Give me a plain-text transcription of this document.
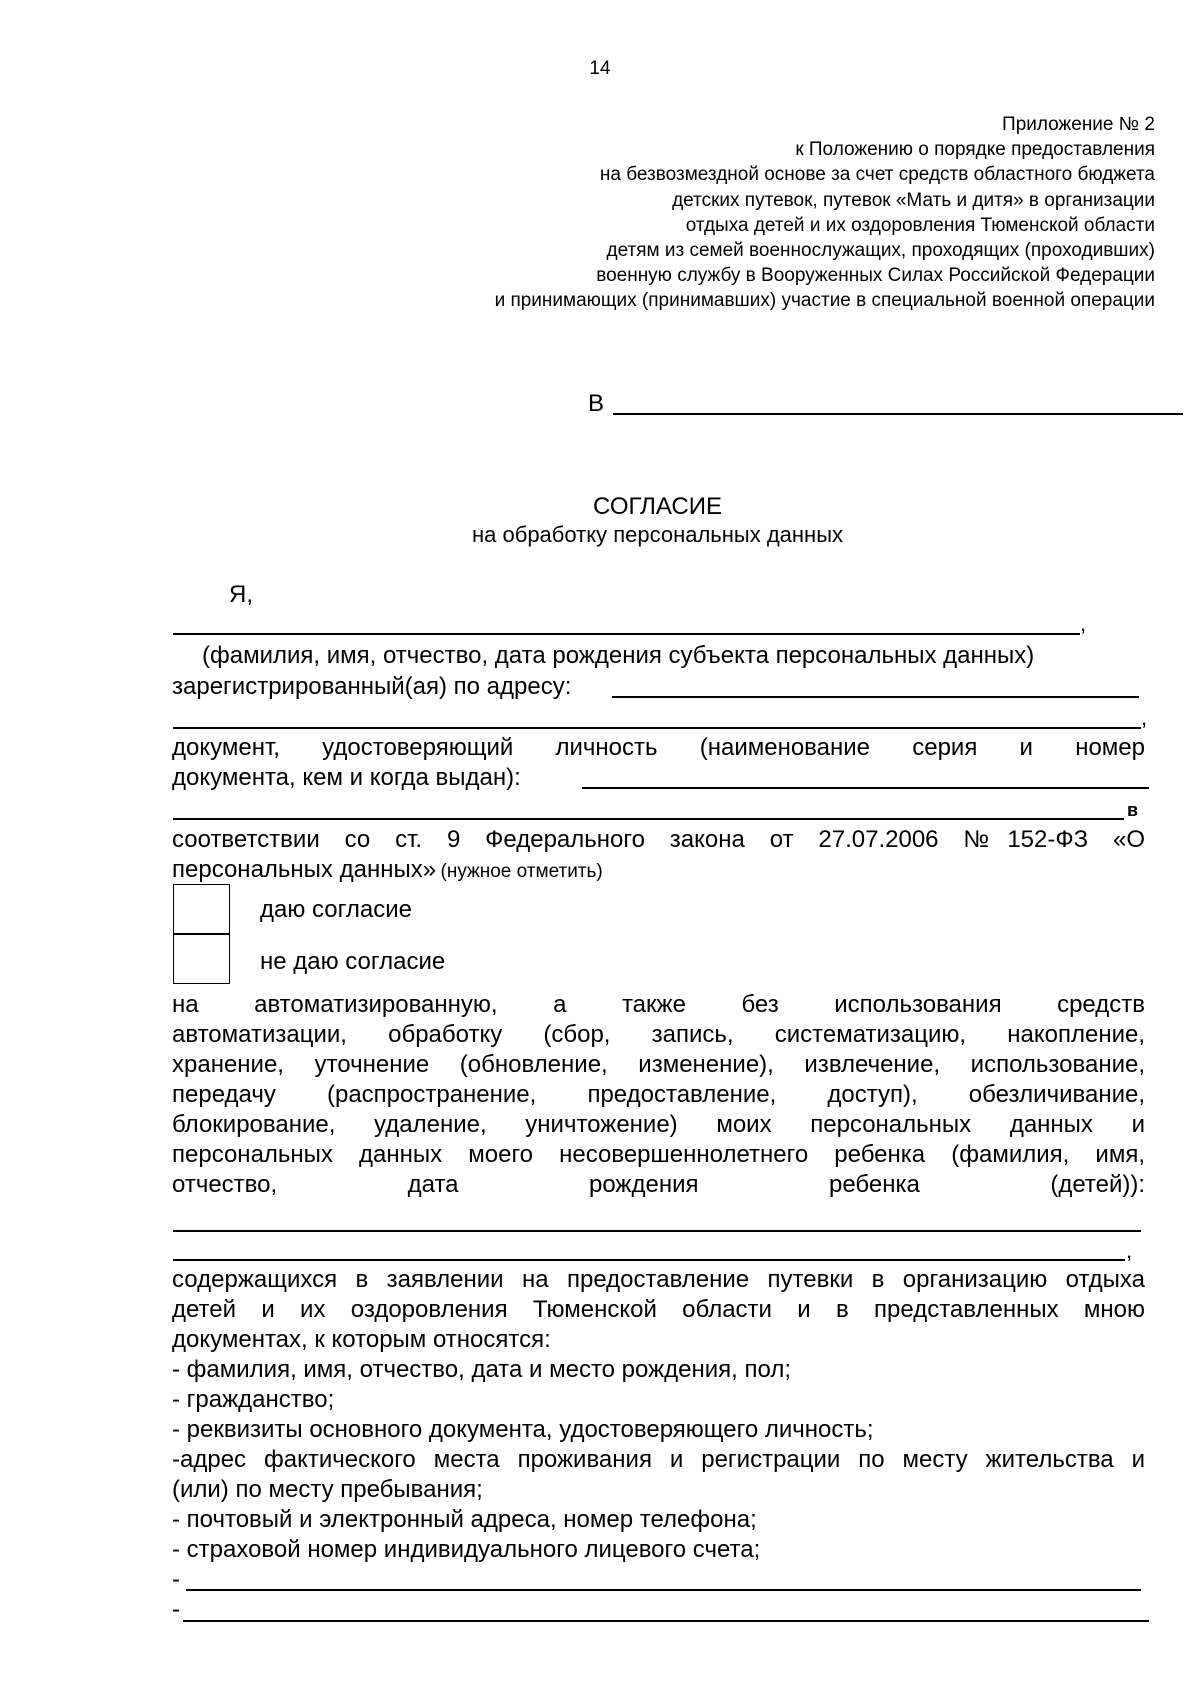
14
Приложение № 2
к Положению о порядке предоставления
на безвозмездной основе за счет средств областного бюджета
детских путевок, путевок «Мать и дитя» в организации
отдыха детей и их оздоровления Тюменской области
детям из семей военнослужащих, проходящих (проходивших)
военную службу в Вооруженных Силах Российской Федерации
и принимающих (принимавших) участие в специальной военной операции
В
СОГЛАСИЕ
на обработку персональных данных
Я,
,
(фамилия, имя, отчество, дата рождения субъекта персональных данных)
зарегистрированный(ая) по адресу:
,
документ, удостоверяющий личность (наименование серия и номер
документа, кем и когда выдан):
в
соответствии со ст. 9 Федерального закона от 27.07.2006 №152-ФЗ «О
персональных данных» (нужное отметить)
даю согласие
не даю согласие
на автоматизированную, а также без использования средств
автоматизации, обработку (сбор, запись, систематизацию, накопление,
хранение, уточнение (обновление, изменение), извлечение, использование,
передачу (распространение, предоставление, доступ), обезличивание,
блокирование, удаление, уничтожение) моих персональных данных и
персональных данных моего несовершеннолетнего ребенка (фамилия, имя,
отчество, дата рождения ребенка (детей)):
,
содержащихся в заявлении на предоставление путевки в организацию отдыха
детей и их оздоровления Тюменской области и в представленных мною
документах, к которым относятся:
- фамилия, имя, отчество, дата и место рождения, пол;
- гражданство;
- реквизиты основного документа, удостоверяющего личность;
-адрес фактического места проживания и регистрации по месту жительства и
(или) по месту пребывания;
- почтовый и электронный адреса, номер телефона;
- страховой номер индивидуального лицевого счета;
-
-
